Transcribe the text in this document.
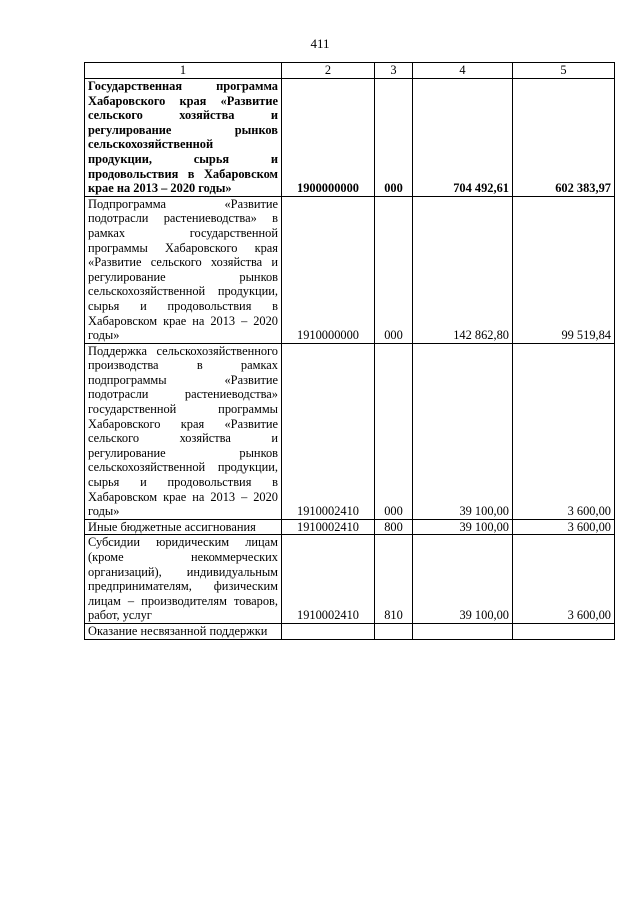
411
1	2	3	4	5
Государственная программа Хабаровского края «Развитие сельского хозяйства и регулирование рынков сельскохозяйственной продукции, сырья и продовольствия в Хабаровском крае на 2013 – 2020 годы»	1900000000	000	704 492,61	602 383,97
Подпрограмма «Развитие подотрасли растениеводства» в рамках государственной программы Хабаровского края «Развитие сельского хозяйства и регулирование рынков сельскохозяйственной продукции, сырья и продовольствия в Хабаровском крае на 2013 – 2020 годы»	1910000000	000	142 862,80	99 519,84
Поддержка сельскохозяйственного производства в рамках подпрограммы «Развитие подотрасли растениеводства» государственной программы Хабаровского края «Развитие сельского хозяйства и регулирование рынков сельскохозяйственной продукции, сырья и продовольствия в Хабаровском крае на 2013 – 2020 годы»	1910002410	000	39 100,00	3 600,00
Иные бюджетные ассигнования	1910002410	800	39 100,00	3 600,00
Субсидии юридическим лицам (кроме некоммерческих организаций), индивидуальным предпринимателям, физическим лицам – производителям товаров, работ, услуг	1910002410	810	39 100,00	3 600,00
Оказание несвязанной поддержки				
